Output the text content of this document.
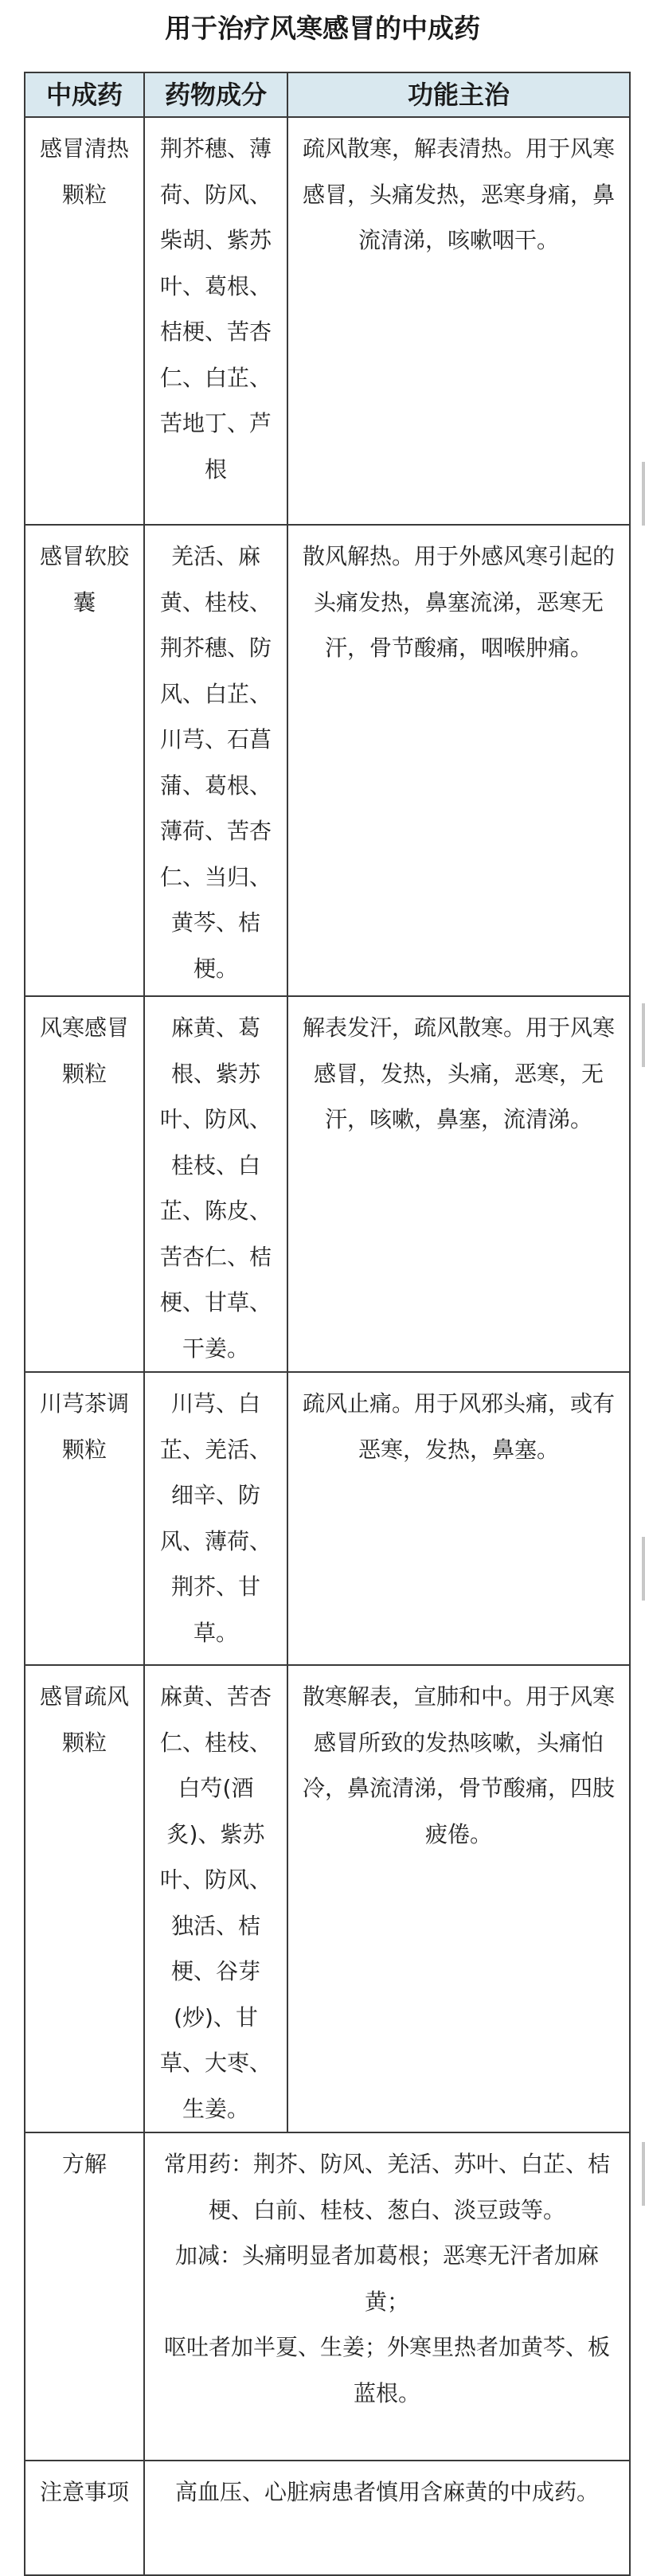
用于治疗风寒感冒的中成药
中成药	药物成分	功能主治
感冒清热颗粒	荆芥穗、薄荷、防风、柴胡、紫苏叶、葛根、桔梗、苦杏仁、白芷、苦地丁、芦根	疏风散寒，解表清热。用于风寒感冒，头痛发热，恶寒身痛，鼻流清涕，咳嗽咽干。
感冒软胶囊	羌活、麻黄、桂枝、荆芥穗、防风、白芷、川芎、石菖蒲、葛根、薄荷、苦杏仁、当归、黄芩、桔梗。	散风解热。用于外感风寒引起的头痛发热，鼻塞流涕，恶寒无汗，骨节酸痛，咽喉肿痛。
风寒感冒颗粒	麻黄、葛根、紫苏叶、防风、桂枝、白芷、陈皮、苦杏仁、桔梗、甘草、干姜。	解表发汗，疏风散寒。用于风寒感冒，发热，头痛，恶寒，无汗，咳嗽，鼻塞，流清涕。
川芎茶调颗粒	川芎、白芷、羌活、细辛、防风、薄荷、荆芥、甘草。	疏风止痛。用于风邪头痛，或有恶寒，发热，鼻塞。
感冒疏风颗粒	麻黄、苦杏仁、桂枝、白芍(酒炙)、紫苏叶、防风、独活、桔梗、谷芽(炒)、甘草、大枣、生姜。	散寒解表，宣肺和中。用于风寒感冒所致的发热咳嗽，头痛怕冷，鼻流清涕，骨节酸痛，四肢疲倦。
方解	常用药：荆芥、防风、羌活、苏叶、白芷、桔梗、白前、桂枝、葱白、淡豆豉等。

加减：头痛明显者加葛根；恶寒无汗者加麻黄；

呕吐者加半夏、生姜；外寒里热者加黄芩、板蓝根。	

注意事项	高血压、心脏病患者慎用含麻黄的中成药。	
